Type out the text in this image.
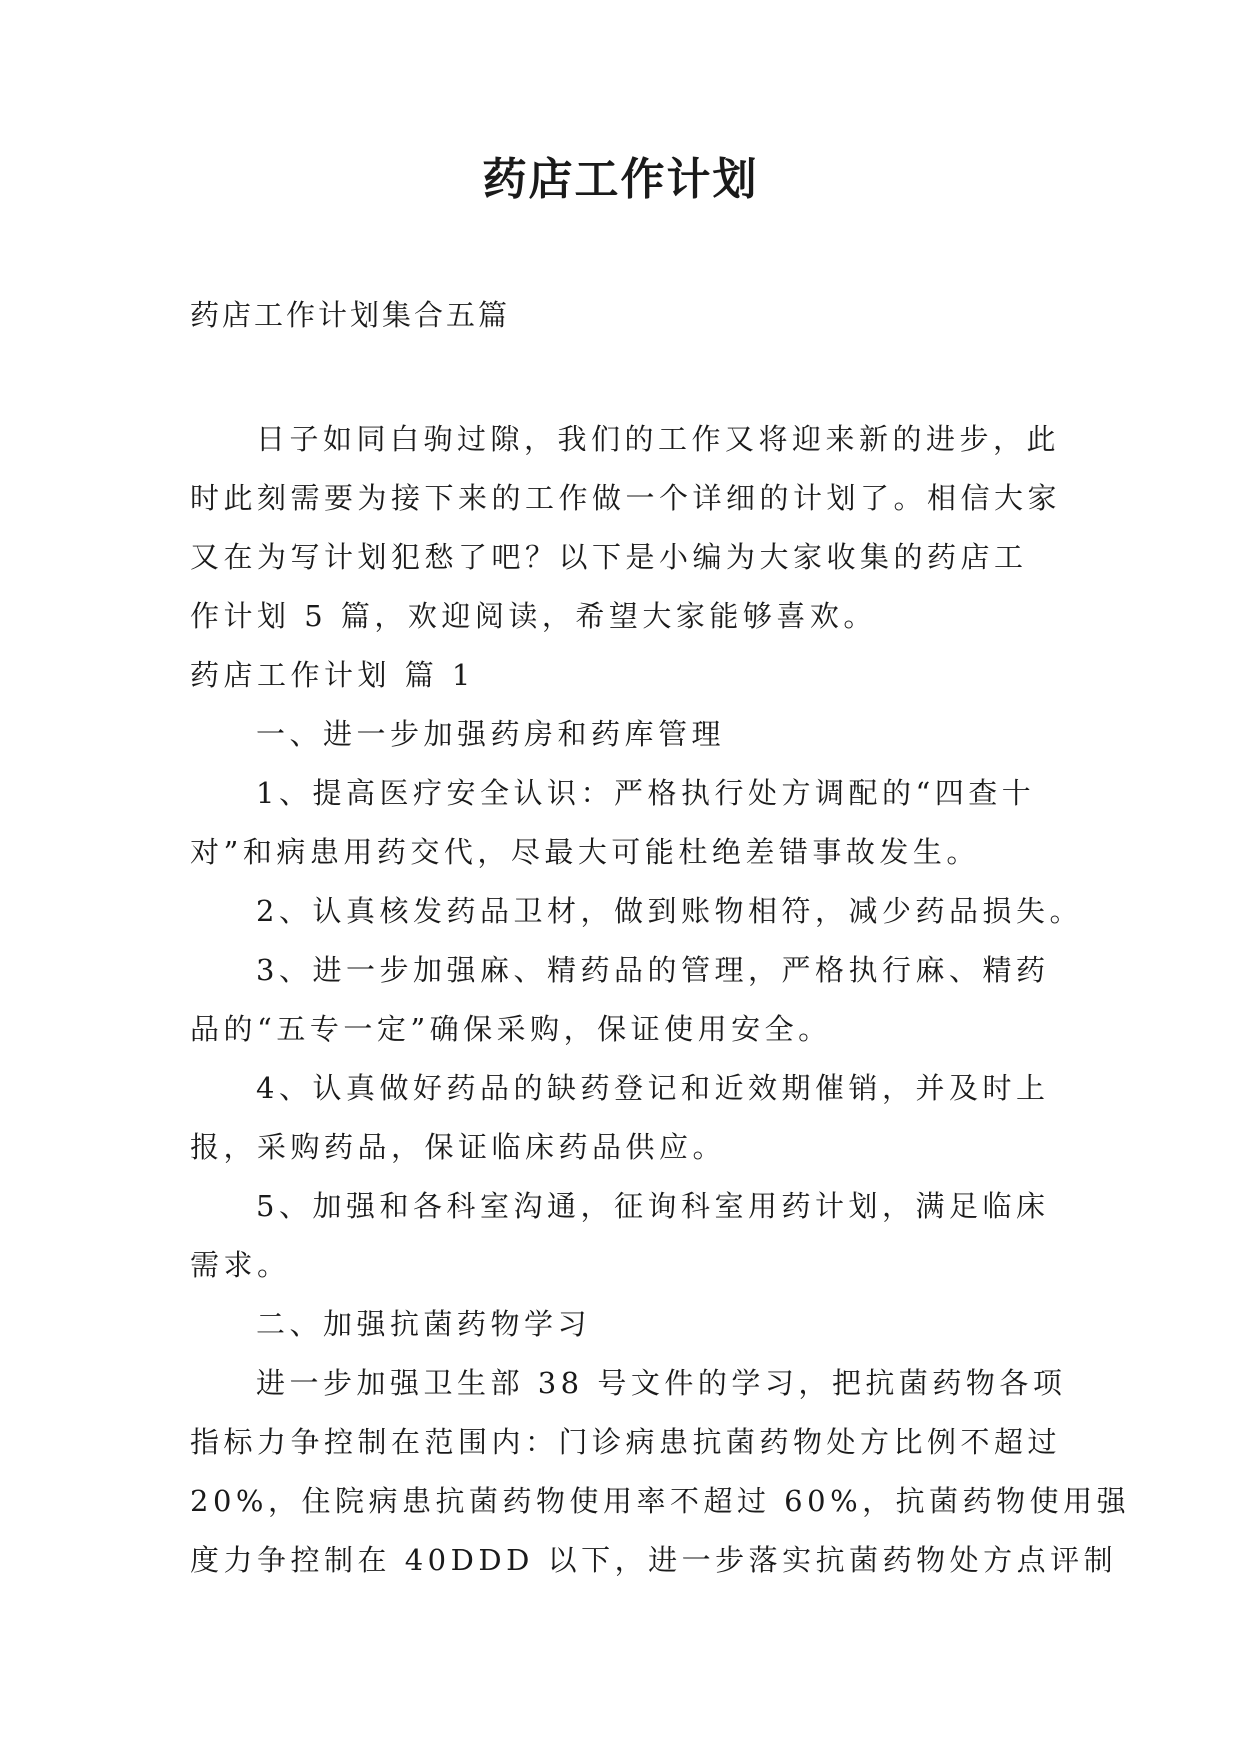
药店工作计划
药店工作计划集合五篇
日子如同白驹过隙，我们的工作又将迎来新的进步，此
时此刻需要为接下来的工作做一个详细的计划了。相信大家
又在为写计划犯愁了吧？以下是小编为大家收集的药店工
作计划 5 篇，欢迎阅读，希望大家能够喜欢。
药店工作计划 篇 1
一、进一步加强药房和药库管理
1、提高医疗安全认识：严格执行处方调配的“四查十
对”和病患用药交代，尽最大可能杜绝差错事故发生。
2、认真核发药品卫材，做到账物相符，减少药品损失。
3、进一步加强麻、精药品的管理，严格执行麻、精药
品的“五专一定”确保采购，保证使用安全。
4、认真做好药品的缺药登记和近效期催销，并及时上
报，采购药品，保证临床药品供应。
5、加强和各科室沟通，征询科室用药计划，满足临床
需求。
二、加强抗菌药物学习
进一步加强卫生部 38 号文件的学习，把抗菌药物各项
指标力争控制在范围内：门诊病患抗菌药物处方比例不超过
20%，住院病患抗菌药物使用率不超过 60%，抗菌药物使用强
度力争控制在 40DDD 以下，进一步落实抗菌药物处方点评制
